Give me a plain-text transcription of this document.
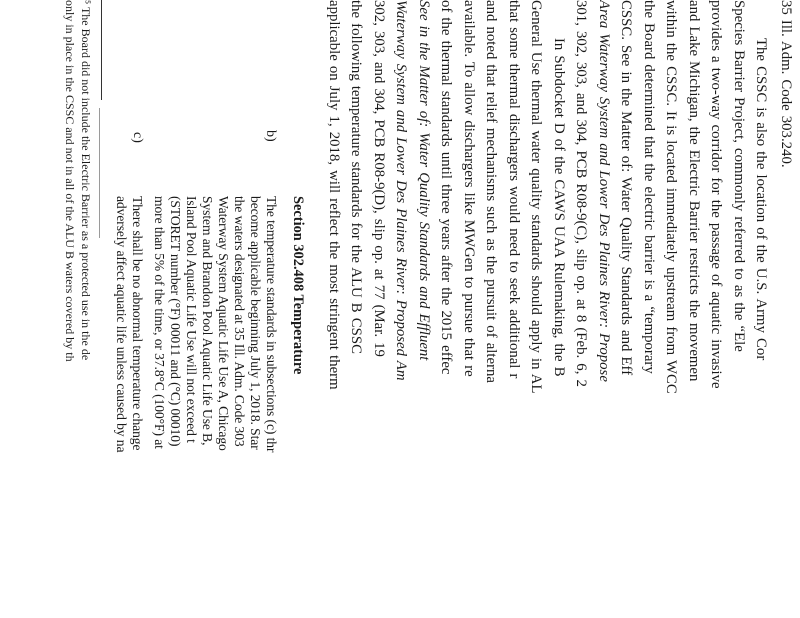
35 Ill. Adm. Code 303.240.
The CSSC is also the location of the U.S. Army Cor
Species Barrier Project, commonly referred to as the “Ele
provides a two-way corridor for the passage of aquatic invasive
and Lake Michigan, the Electric Barrier restricts the movemen
within the CSSC. It is located immediately upstream from WCC
the Board determined that the electric barrier is a “temporary
CSSC. See in the Matter of: Water Quality Standards and Eff
Area Waterway System and Lower Des Plaines River: Propose
301, 302, 303, and 304, PCB R08-9(C), slip op. at 8 (Feb. 6, 2
In Subdocket D of the CAWS UAA Rulemaking, the B
General Use thermal water quality standards should apply in AL
that some thermal dischargers would need to seek additional r
and noted that relief mechanisms such as the pursuit of alterna
available. To allow dischargers like MWGen to pursue that re
of the thermal standards until three years after the 2015 effec
See in the Matter of: Water Quality Standards and Effluent
Waterway System and Lower Des Plaines River: Proposed Am
302, 303, and 304, PCB R08-9(D), slip op. at 77 (Mar. 19
the following temperature standards for the ALU B CSSC
applicable on July 1, 2018, will reflect the most stringent therm
Section 302.408 Temperature
b)
The temperature standards in subsections (c) thr
become applicable beginning July 1, 2018. Star
the waters designated at 35 Ill. Adm. Code 303
Waterway System Aquatic Life Use A, Chicago
System and Brandon Pool Aquatic Life Use B,
Island Pool Aquatic Life Use will not exceed t
(STORET number (°F) 00011 and (°C) 00010)
more than 5% of the time, or 37.8°C (100°F) at
c)
There shall be no abnormal temperature change
adversely affect aquatic life unless caused by na
⁵ The Board did not include the Electric Barrier as a protected use in the de
only in place in the CSSC and not in all of the ALU B waters covered by th
